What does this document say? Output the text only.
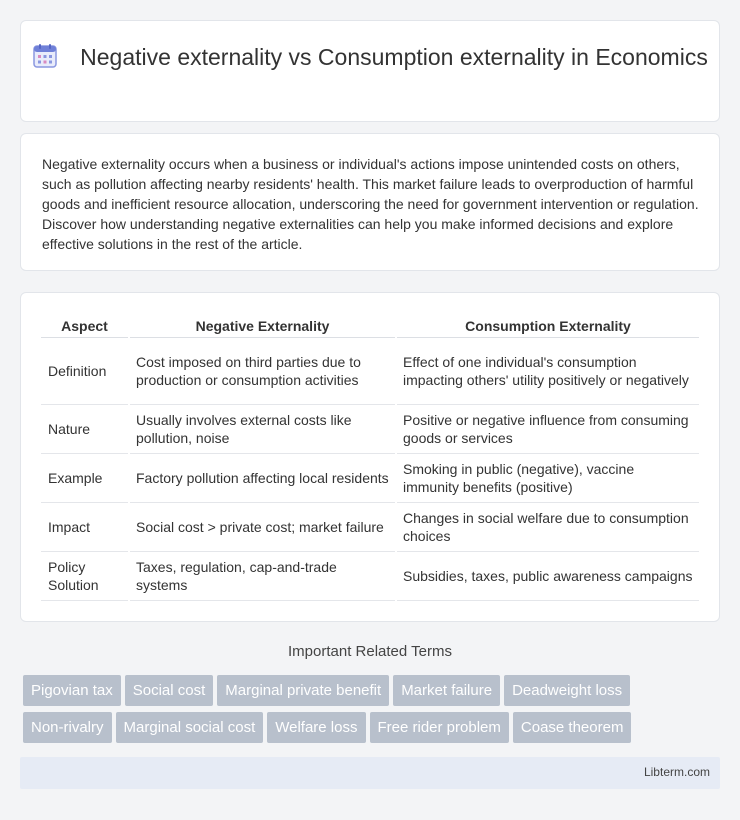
Negative externality vs Consumption externality in Economics

Negative externality occurs when a business or individual's actions impose unintended costs on others, such as pollution affecting nearby residents' health. This market failure leads to overproduction of harmful goods and inefficient resource allocation, underscoring the need for government intervention or regulation. Discover how understanding negative externalities can help you make informed decisions and explore effective solutions in the rest of the article.

Aspect	Negative Externality	Consumption Externality
Definition	Cost imposed on third parties due to production or consumption activities	Effect of one individual's consumption impacting others' utility positively or negatively
Nature	Usually involves external costs like pollution, noise	Positive or negative influence from consuming goods or services
Example	Factory pollution affecting local residents	Smoking in public (negative), vaccine immunity benefits (positive)
Impact	Social cost > private cost; market failure	Changes in social welfare due to consumption choices
Policy Solution	Taxes, regulation, cap-and-trade systems	Subsidies, taxes, public awareness campaigns
Important Related Terms
Pigovian tax Social cost Marginal private benefit Market failure Deadweight loss
Non-rivalry Marginal social cost Welfare loss Free rider problem Coase theorem
Libterm.com
